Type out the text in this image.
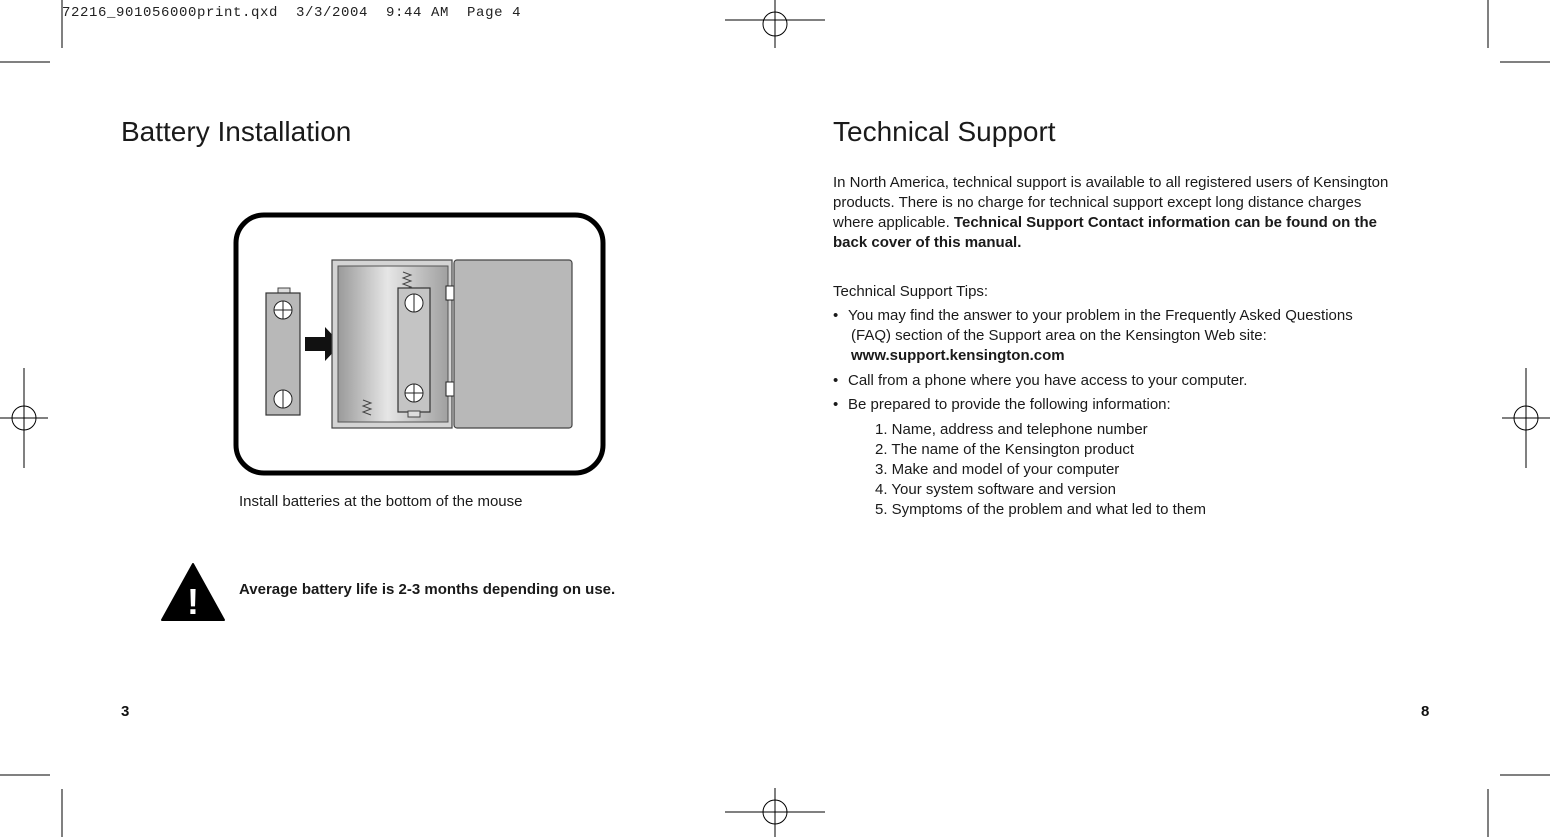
72216_901056000print.qxd  3/3/2004  9:44 AM  Page 4
Battery Installation
Install batteries at the bottom of the mouse
!	Average battery life is 2-3 months depending on use.
3
Technical Support
In North America, technical support is available to all registered users of Kensington products. There is no charge for technical support except long distance charges where applicable. Technical Support Contact information can be found on the back cover of this manual.
Technical Support Tips:
• You may find the answer to your problem in the Frequently Asked Questions
(FAQ) section of the Support area on the Kensington Web site:
www.support.kensington.com
• Call from a phone where you have access to your computer.
• Be prepared to provide the following information:
1. Name, address and telephone number
2. The name of the Kensington product
3. Make and model of your computer
4. Your system software and version
5. Symptoms of the problem and what led to them
8
